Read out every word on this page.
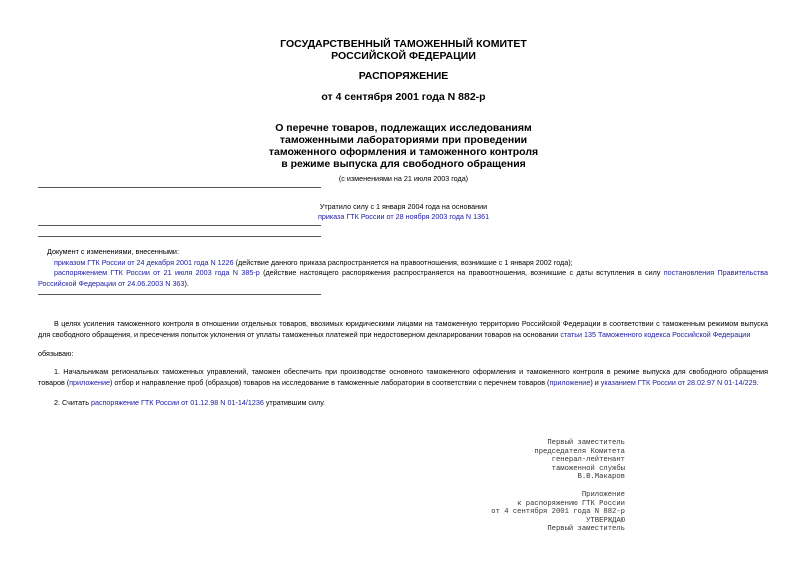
ГОСУДАРСТВЕННЫЙ ТАМОЖЕННЫЙ КОМИТЕТ
РОССИЙСКОЙ ФЕДЕРАЦИИ
РАСПОРЯЖЕНИЕ
от 4 сентября 2001 года N 882-р
О перечне товаров, подлежащих исследованиям
таможенными лабораториями при проведении
таможенного оформления и таможенного контроля
в режиме выпуска для свободного обращения
(с изменениями на 21 июля 2003 года)
Утратило силу с 1 января 2004 года на основании
приказа ГТК России от 28 ноября 2003 года N 1361
Документ с изменениями, внесенными:
приказом ГТК России от 24 декабря 2001 года N 1226 (действие данного приказа распространяется на правоотношения, возникшие с 1 января 2002 года);
распоряжением ГТК России от 21 июля 2003 года N 385-р (действие настоящего распоряжения распространяется на правоотношения, возникшие с даты вступления в силу постановления Правительства Российской Федерации от 24.06.2003 N 363).
В целях усиления таможенного контроля в отношении отдельных товаров, ввозимых юридическими лицами на таможенную территорию Российской Федерации в соответствии с таможенным режимом выпуска для свободного обращения, и пресечения попыток уклонения от уплаты таможенных платежей при недостоверном декларировании товаров на основании статьи 135 Таможенного кодекса Российской Федерации
обязываю:
1. Начальникам региональных таможенных управлений, таможен обеспечить при производстве основного таможенного оформления и таможенного контроля в режиме выпуска для свободного обращения товаров (приложение) отбор и направление проб (образцов) товаров на исследование в таможенные лаборатории в соответствии с перечнем товаров (приложение) и указанием ГТК России от 28.02.97 N 01-14/229.
2. Считать распоряжение ГТК России от 01.12.98 N 01-14/1236 утратившим силу.
Первый заместитель
председателя Комитета
генерал-лейтенант
таможенной службы
В.В.Макаров
Приложение
к распоряжению ГТК России
от 4 сентября 2001 года N 882-р
УТВЕРЖДАЮ
Первый заместитель
